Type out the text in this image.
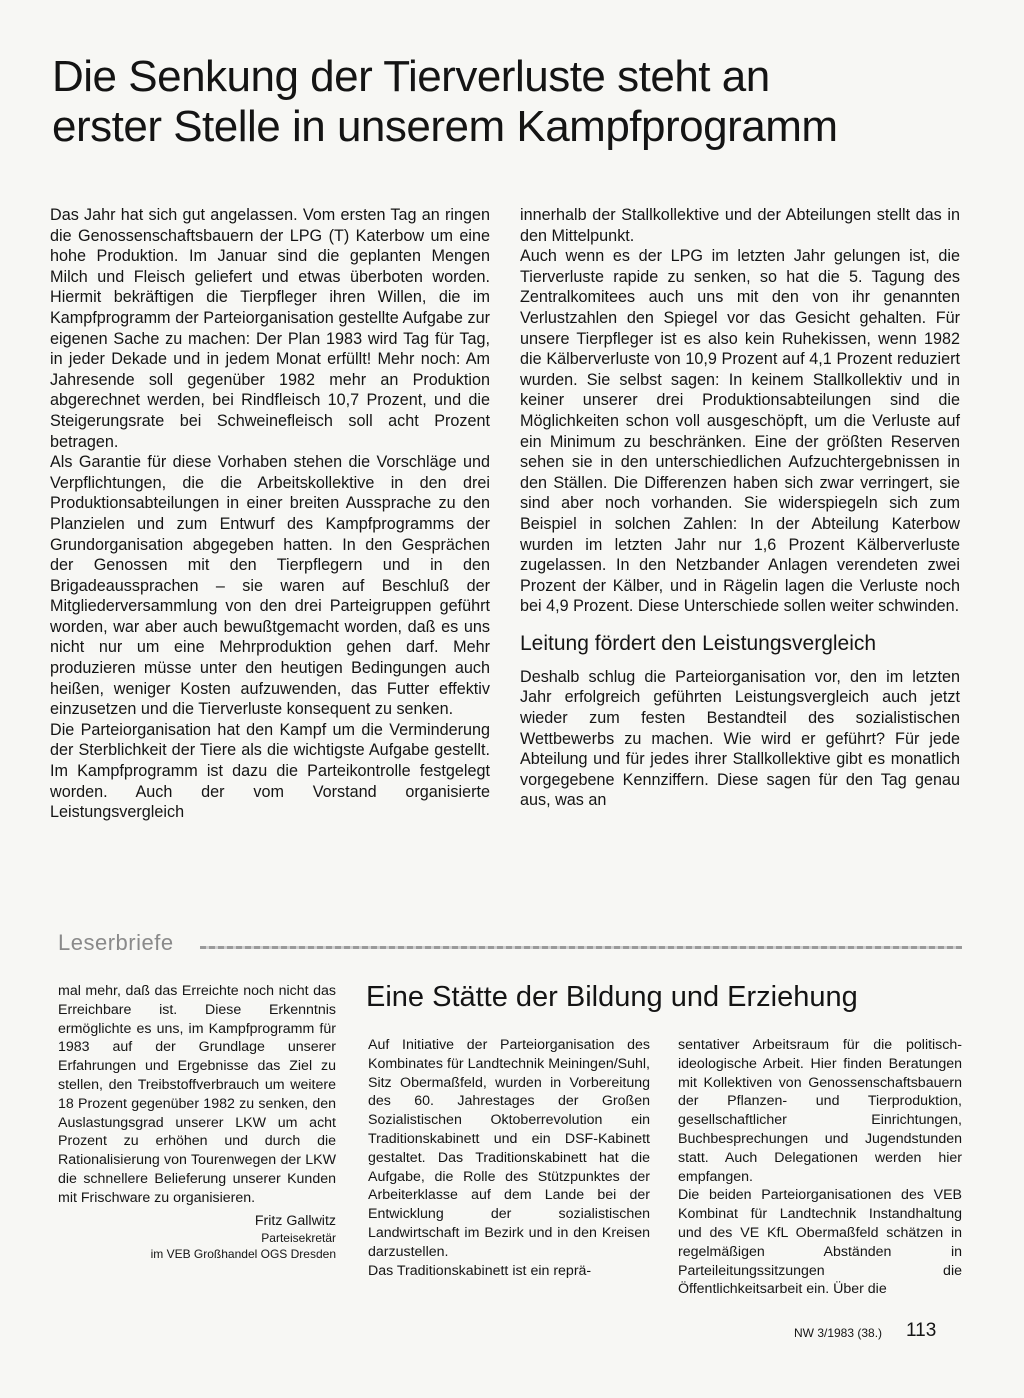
Die Senkung der Tierverluste steht an
erster Stelle in unserem Kampfprogramm

Das Jahr hat sich gut angelassen. Vom ersten Tag an ringen die Genossenschaftsbauern der LPG (T) Katerbow um eine hohe Produktion. Im Januar sind die geplanten Mengen Milch und Fleisch geliefert und etwas überboten worden. Hiermit bekräftigen die Tierpfleger ihren Willen, die im Kampfprogramm der Parteiorganisation gestellte Aufgabe zur eigenen Sache zu machen: Der Plan 1983 wird Tag für Tag, in jeder Dekade und in jedem Monat erfüllt! Mehr noch: Am Jahresende soll gegenüber 1982 mehr an Produktion abgerechnet werden, bei Rindfleisch 10,7 Prozent, und die Steigerungsrate bei Schweinefleisch soll acht Prozent betragen.

Als Garantie für diese Vorhaben stehen die Vorschläge und Verpflichtungen, die die Arbeitskollektive in den drei Produktionsabteilungen in einer breiten Aussprache zu den Planzielen und zum Entwurf des Kampfprogramms der Grundorganisation abgegeben hatten. In den Gesprächen der Genossen mit den Tierpflegern und in den Brigadeaussprachen – sie waren auf Beschluß der Mitgliederversammlung von den drei Parteigruppen geführt worden, war aber auch bewußtgemacht worden, daß es uns nicht nur um eine Mehrproduktion gehen darf. Mehr produzieren müsse unter den heutigen Bedingungen auch heißen, weniger Kosten aufzuwenden, das Futter effektiv einzusetzen und die Tierverluste konsequent zu senken.

Die Parteiorganisation hat den Kampf um die Verminderung der Sterblichkeit der Tiere als die wichtigste Aufgabe gestellt. Im Kampfprogramm ist dazu die Parteikontrolle festgelegt worden. Auch der vom Vorstand organisierte Leistungsvergleich

innerhalb der Stallkollektive und der Abteilungen stellt das in den Mittelpunkt.

Auch wenn es der LPG im letzten Jahr gelungen ist, die Tierverluste rapide zu senken, so hat die 5. Tagung des Zentralkomitees auch uns mit den von ihr genannten Verlustzahlen den Spiegel vor das Gesicht gehalten. Für unsere Tierpfleger ist es also kein Ruhekissen, wenn 1982 die Kälberverluste von 10,9 Prozent auf 4,1 Prozent reduziert wurden. Sie selbst sagen: In keinem Stallkollektiv und in keiner unserer drei Produktionsabteilungen sind die Möglichkeiten schon voll ausgeschöpft, um die Verluste auf ein Minimum zu beschränken. Eine der größten Reserven sehen sie in den unterschiedlichen Aufzuchtergebnissen in den Ställen. Die Differenzen haben sich zwar verringert, sie sind aber noch vorhanden. Sie widerspiegeln sich zum Beispiel in solchen Zahlen: In der Abteilung Katerbow wurden im letzten Jahr nur 1,6 Prozent Kälberverluste zugelassen. In den Netzbander Anlagen verendeten zwei Prozent der Kälber, und in Rägelin lagen die Verluste noch bei 4,9 Prozent. Diese Unterschiede sollen weiter schwinden.

Leitung fördert den Leistungsvergleich

Deshalb schlug die Parteiorganisation vor, den im letzten Jahr erfolgreich geführten Leistungsvergleich auch jetzt wieder zum festen Bestandteil des sozialistischen Wettbewerbs zu machen. Wie wird er geführt? Für jede Abteilung und für jedes ihrer Stallkollektive gibt es monatlich vorgegebene Kennziffern. Diese sagen für den Tag genau aus, was an

Leserbriefe

mal mehr, daß das Erreichte noch nicht das Erreichbare ist. Diese Erkenntnis ermöglichte es uns, im Kampfprogramm für 1983 auf der Grundlage unserer Erfahrungen und Ergebnisse das Ziel zu stellen, den Treibstoffverbrauch um weitere 18 Prozent gegenüber 1982 zu senken, den Auslastungsgrad unserer LKW um acht Prozent zu erhöhen und durch die Rationalisierung von Tourenwegen der LKW die schnellere Belieferung unserer Kunden mit Frischware zu organisieren.

Fritz Gallwitz
Parteisekretär
im VEB Großhandel OGS Dresden
Eine Stätte der Bildung und Erziehung

Auf Initiative der Parteiorganisation des Kombinates für Landtechnik Meiningen/Suhl, Sitz Obermaßfeld, wurden in Vorbereitung des 60. Jahrestages der Großen Sozialistischen Oktoberrevolution ein Traditionskabinett und ein DSF-Kabinett gestaltet. Das Traditionskabinett hat die Aufgabe, die Rolle des Stützpunktes der Arbeiterklasse auf dem Lande bei der Entwicklung der sozialistischen Landwirtschaft im Bezirk und in den Kreisen darzustellen.

Das Traditionskabinett ist ein reprä-

sentativer Arbeitsraum für die politisch-ideologische Arbeit. Hier finden Beratungen mit Kollektiven von Genossenschaftsbauern der Pflanzen- und Tierproduktion, gesellschaftlicher Einrichtungen, Buchbesprechungen und Jugendstunden statt. Auch Delegationen werden hier empfangen.

Die beiden Parteiorganisationen des VEB Kombinat für Landtechnik Instandhaltung und des VE KfL Obermaßfeld schätzen in regelmäßigen Abständen in Parteileitungssitzungen die Öffentlichkeitsarbeit ein. Über die

NW 3/1983 (38.) 113
